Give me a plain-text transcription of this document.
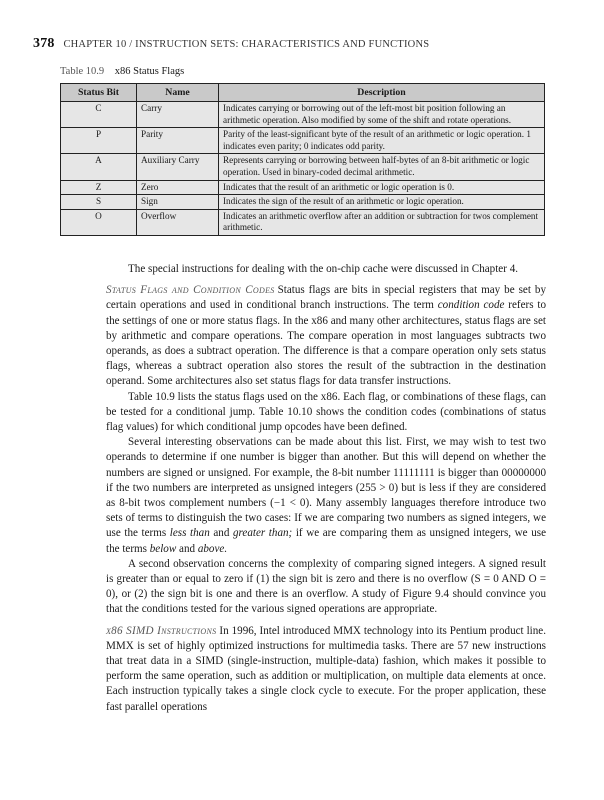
378 CHAPTER 10 / INSTRUCTION SETS: CHARACTERISTICS AND FUNCTIONS
Table 10.9 x86 Status Flags
Status Bit	Name	Description
C	Carry	Indicates carrying or borrowing out of the left-most bit position following an arithmetic operation. Also modified by some of the shift and rotate operations.
P	Parity	Parity of the least-significant byte of the result of an arithmetic or logic operation. 1 indicates even parity; 0 indicates odd parity.
A	Auxiliary Carry	Represents carrying or borrowing between half-bytes of an 8-bit arithmetic or logic operation. Used in binary-coded decimal arithmetic.
Z	Zero	Indicates that the result of an arithmetic or logic operation is 0.
S	Sign	Indicates the sign of the result of an arithmetic or logic operation.
O	Overflow	Indicates an arithmetic overflow after an addition or subtraction for twos complement arithmetic.

The special instructions for dealing with the on-chip cache were discussed in Chapter 4.

Status Flags and Condition Codes Status flags are bits in special registers that may be set by certain operations and used in conditional branch instructions. The term condition code refers to the settings of one or more status flags. In the x86 and many other architectures, status flags are set by arithmetic and compare operations. The compare operation in most languages subtracts two operands, as does a subtract operation. The difference is that a compare operation only sets status flags, whereas a subtract operation also stores the result of the subtraction in the destination operand. Some architectures also set status flags for data transfer instructions.

Table 10.9 lists the status flags used on the x86. Each flag, or combinations of these flags, can be tested for a conditional jump. Table 10.10 shows the condition codes (combinations of status flag values) for which conditional jump opcodes have been defined.

Several interesting observations can be made about this list. First, we may wish to test two operands to determine if one number is bigger than another. But this will depend on whether the numbers are signed or unsigned. For example, the 8-bit number 11111111 is bigger than 00000000 if the two numbers are interpreted as unsigned integers (255 > 0) but is less if they are considered as 8-bit twos complement numbers (−1 < 0). Many assembly languages therefore introduce two sets of terms to distinguish the two cases: If we are comparing two numbers as signed integers, we use the terms less than and greater than; if we are comparing them as unsigned integers, we use the terms below and above.

A second observation concerns the complexity of comparing signed integers. A signed result is greater than or equal to zero if (1) the sign bit is zero and there is no overflow (S = 0 AND O = 0), or (2) the sign bit is one and there is an overflow. A study of Figure 9.4 should convince you that the conditions tested for the various signed operations are appropriate.

x86 SIMD Instructions In 1996, Intel introduced MMX technology into its Pentium product line. MMX is set of highly optimized instructions for multimedia tasks. There are 57 new instructions that treat data in a SIMD (single-instruction, multiple-data) fashion, which makes it possible to perform the same operation, such as addition or multiplication, on multiple data elements at once. Each instruction typically takes a single clock cycle to execute. For the proper application, these fast parallel operations
